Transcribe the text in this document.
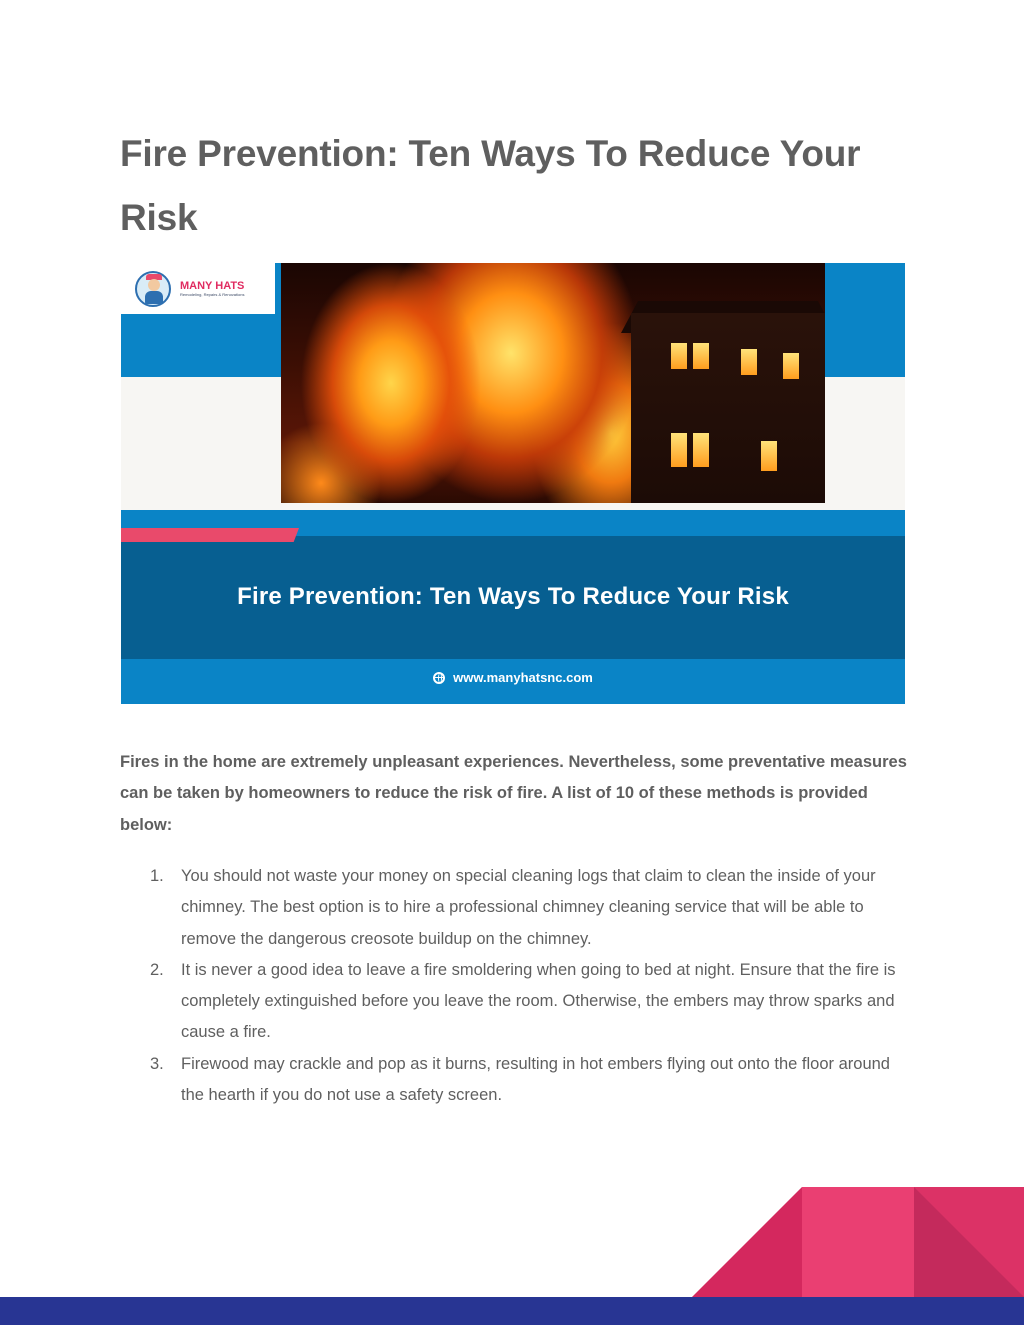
Fire Prevention: Ten Ways To Reduce Your Risk
MANY HATS
Remodeling, Repairs & Renovations
Fire Prevention: Ten Ways To Reduce Your Risk
www.manyhatsnc.com

Fires in the home are extremely unpleasant experiences. Nevertheless, some preventative measures can be taken by homeowners to reduce the risk of fire. A list of 10 of these methods is provided below:

1. You should not waste your money on special cleaning logs that claim to clean the inside of your chimney. The best option is to hire a professional chimney cleaning service that will be able to remove the dangerous creosote buildup on the chimney.
2. It is never a good idea to leave a fire smoldering when going to bed at night. Ensure that the fire is completely extinguished before you leave the room. Otherwise, the embers may throw sparks and cause a fire.
3. Firewood may crackle and pop as it burns, resulting in hot embers flying out onto the floor around the hearth if you do not use a safety screen.
